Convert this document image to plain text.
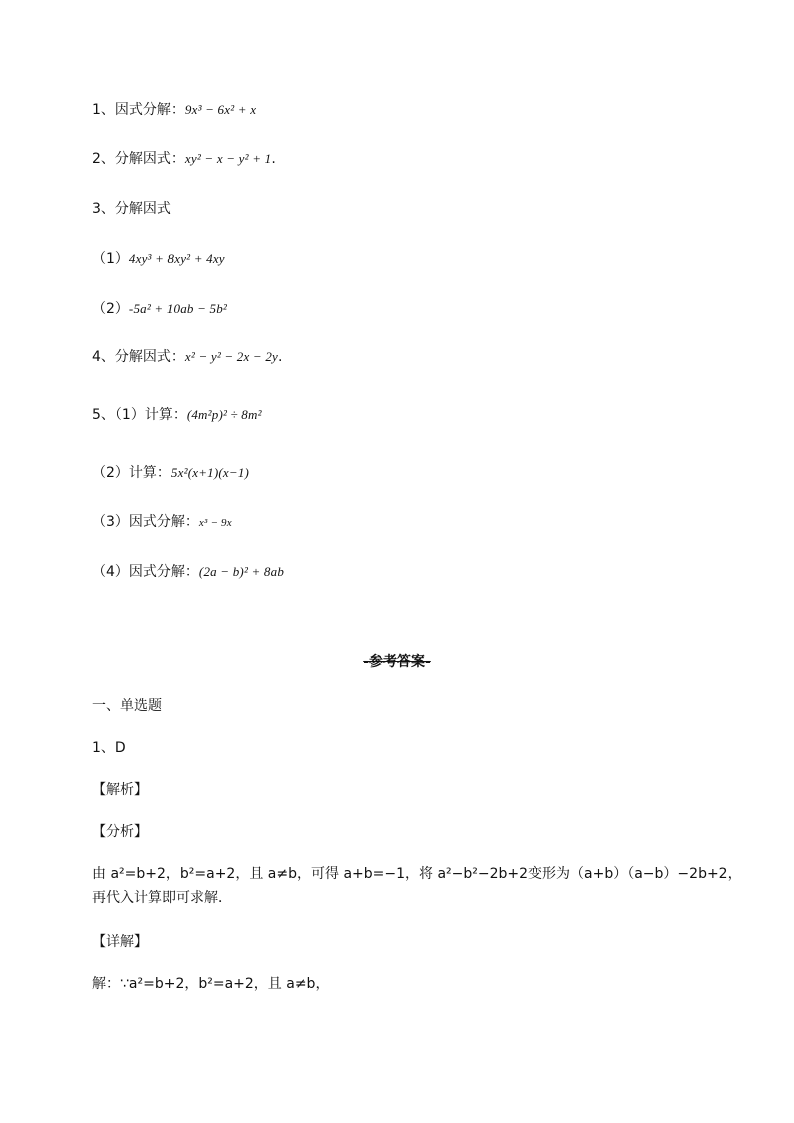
1、因式分解：9x³ − 6x² + x
2、分解因式：xy² − x − y² + 1.
3、分解因式
（1）4xy³ + 8xy² + 4xy
（2）-5a² + 10ab − 5b²
4、分解因式：x² − y² − 2x − 2y.
5、（1）计算：(4m²p)² ÷ 8m²
（2）计算：5x²(x+1)(x−1)
（3）因式分解：x³ − 9x
（4）因式分解：(2a − b)² + 8ab
-参考答案-
一、单选题
1、D
【解析】
【分析】
由 a²=b+2，b²=a+2，且 a≠b，可得 a+b=−1，将 a²−b²−2b+2变形为（a+b）（a−b）−2b+2，再代入计算即可求解．
【详解】
解：∵a²=b+2，b²=a+2，且 a≠b，
